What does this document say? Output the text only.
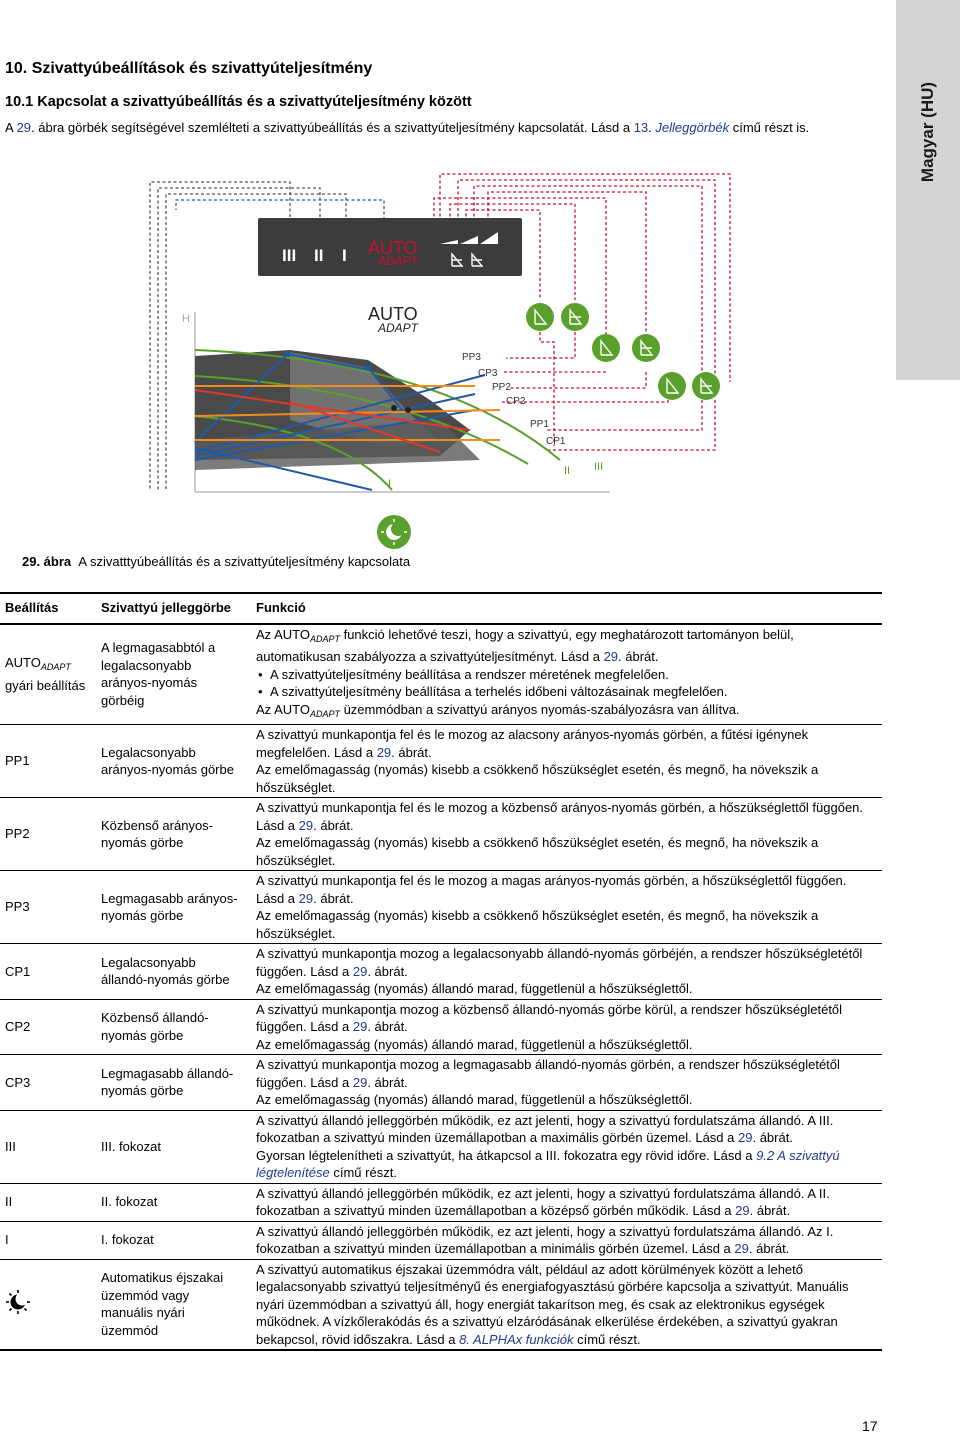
Magyar (HU)
10. Szivattyúbeállítások és szivattyúteljesítmény
10.1 Kapcsolat a szivattyúbeállítás és a szivattyúteljesítmény között
A 29. ábra görbék segítségével szemlélteti a szivattyúbeállítás és a szivattyúteljesítmény kapcsolatát. Lásd a 13. Jelleggörbék című részt is.
III II I AUTO
ADAPT
H	AUTO
ADAPT
PP3
CP3
PP2
CP2
PP1
CP1
I
II III
29. ábra A szivatttyúbeállítás és a szivattyúteljesítmény kapcsolata
Beállítás	Szivattyú jelleggörbe	Funkció
$AUTO_{ADAPT}$
gyári beállítás	A legmagasabbtól a legalacsonyabb arányos-nyomás görbéig	Az $AUTO_{ADAPT}$ funkció lehetővé teszi, hogy a szivattyú, egy meghatározott tartományon belül, automatikusan szabályozza a szivattyúteljesítményt. Lásd a 29. ábrát.
• A szivattyúteljesítmény beállítása a rendszer méretének megfelelően.
• A szivattyúteljesítmény beállítása a terhelés időbeni változásainak megfelelően.
Az $AUTO_{ADAPT}$ üzemmódban a szivattyú arányos nyomás-szabályozásra van állítva.
PP1	Legalacsonyabb arányos-nyomás görbe	A szivattyú munkapontja fel és le mozog az alacsony arányos-nyomás görbén, a fűtési igénynek megfelelően. Lásd a 29. ábrát.
Az emelőmagasság (nyomás) kisebb a csökkenő hőszükséglet esetén, és megnő, ha növekszik a hőszükséglet.
PP2	Közbenső arányos-nyomás görbe	A szivattyú munkapontja fel és le mozog a közbenső arányos-nyomás görbén, a hőszükséglettől függően. Lásd a 29. ábrát.
Az emelőmagasság (nyomás) kisebb a csökkenő hőszükséglet esetén, és megnő, ha növekszik a hőszükséglet.
PP3	Legmagasabb arányos-nyomás görbe	A szivattyú munkapontja fel és le mozog a magas arányos-nyomás görbén, a hőszükséglettől függően. Lásd a 29. ábrát.
Az emelőmagasság (nyomás) kisebb a csökkenő hőszükséglet esetén, és megnő, ha növekszik a hőszükséglet.
CP1	Legalacsonyabb állandó-nyomás görbe	A szivattyú munkapontja mozog a legalacsonyabb állandó-nyomás görbéjén, a rendszer hőszükségletétől függően. Lásd a 29. ábrát.
Az emelőmagasság (nyomás) állandó marad, függetlenül a hőszükséglettől.
CP2	Közbenső állandó-nyomás görbe	A szivattyú munkapontja mozog a közbenső állandó-nyomás görbe körül, a rendszer hőszükségletétől függően. Lásd a 29. ábrát.
Az emelőmagasság (nyomás) állandó marad, függetlenül a hőszükséglettől.
CP3	Legmagasabb állandó-nyomás görbe	A szivattyú munkapontja mozog a legmagasabb állandó-nyomás görbén, a rendszer hőszükségletétől függően. Lásd a 29. ábrát.
Az emelőmagasság (nyomás) állandó marad, függetlenül a hőszükséglettől.
III	III. fokozat	A szivattyú állandó jelleggörbén működik, ez azt jelenti, hogy a szivattyú fordulatszáma állandó. A III. fokozatban a szivattyú minden üzemállapotban a maximális görbén üzemel. Lásd a 29. ábrát.
Gyorsan légtelenítheti a szivattyút, ha átkapcsol a III. fokozatra egy rövid időre. Lásd a 9.2 A szivattyú légtelenítése című részt.
II	II. fokozat	A szivattyú állandó jelleggörbén működik, ez azt jelenti, hogy a szivattyú fordulatszáma állandó. A II. fokozatban a szivattyú minden üzemállapotban a középső görbén működik. Lásd a 29. ábrát.
I	I. fokozat	A szivattyú állandó jelleggörbén működik, ez azt jelenti, hogy a szivattyú fordulatszáma állandó. Az I. fokozatban a szivattyú minden üzemállapotban a minimális görbén üzemel. Lásd a 29. ábrát.
	Automatikus éjszakai üzemmód vagy manuális nyári üzemmód	A szivattyú automatikus éjszakai üzemmódra vált, például az adott körülmények között a lehető legalacsonyabb szivattyú teljesítményű és energiafogyasztású görbére kapcsolja a szivattyút. Manuális nyári üzemmódban a szivattyú áll, hogy energiát takarítson meg, és csak az elektronikus egységek működnek. A vízkőlerakódás és a szivattyú elzáródásának elkerülése érdekében, a szivattyú gyakran bekapcsol, rövid időszakra. Lásd a 8. ALPHAx funkciók című részt.
17
